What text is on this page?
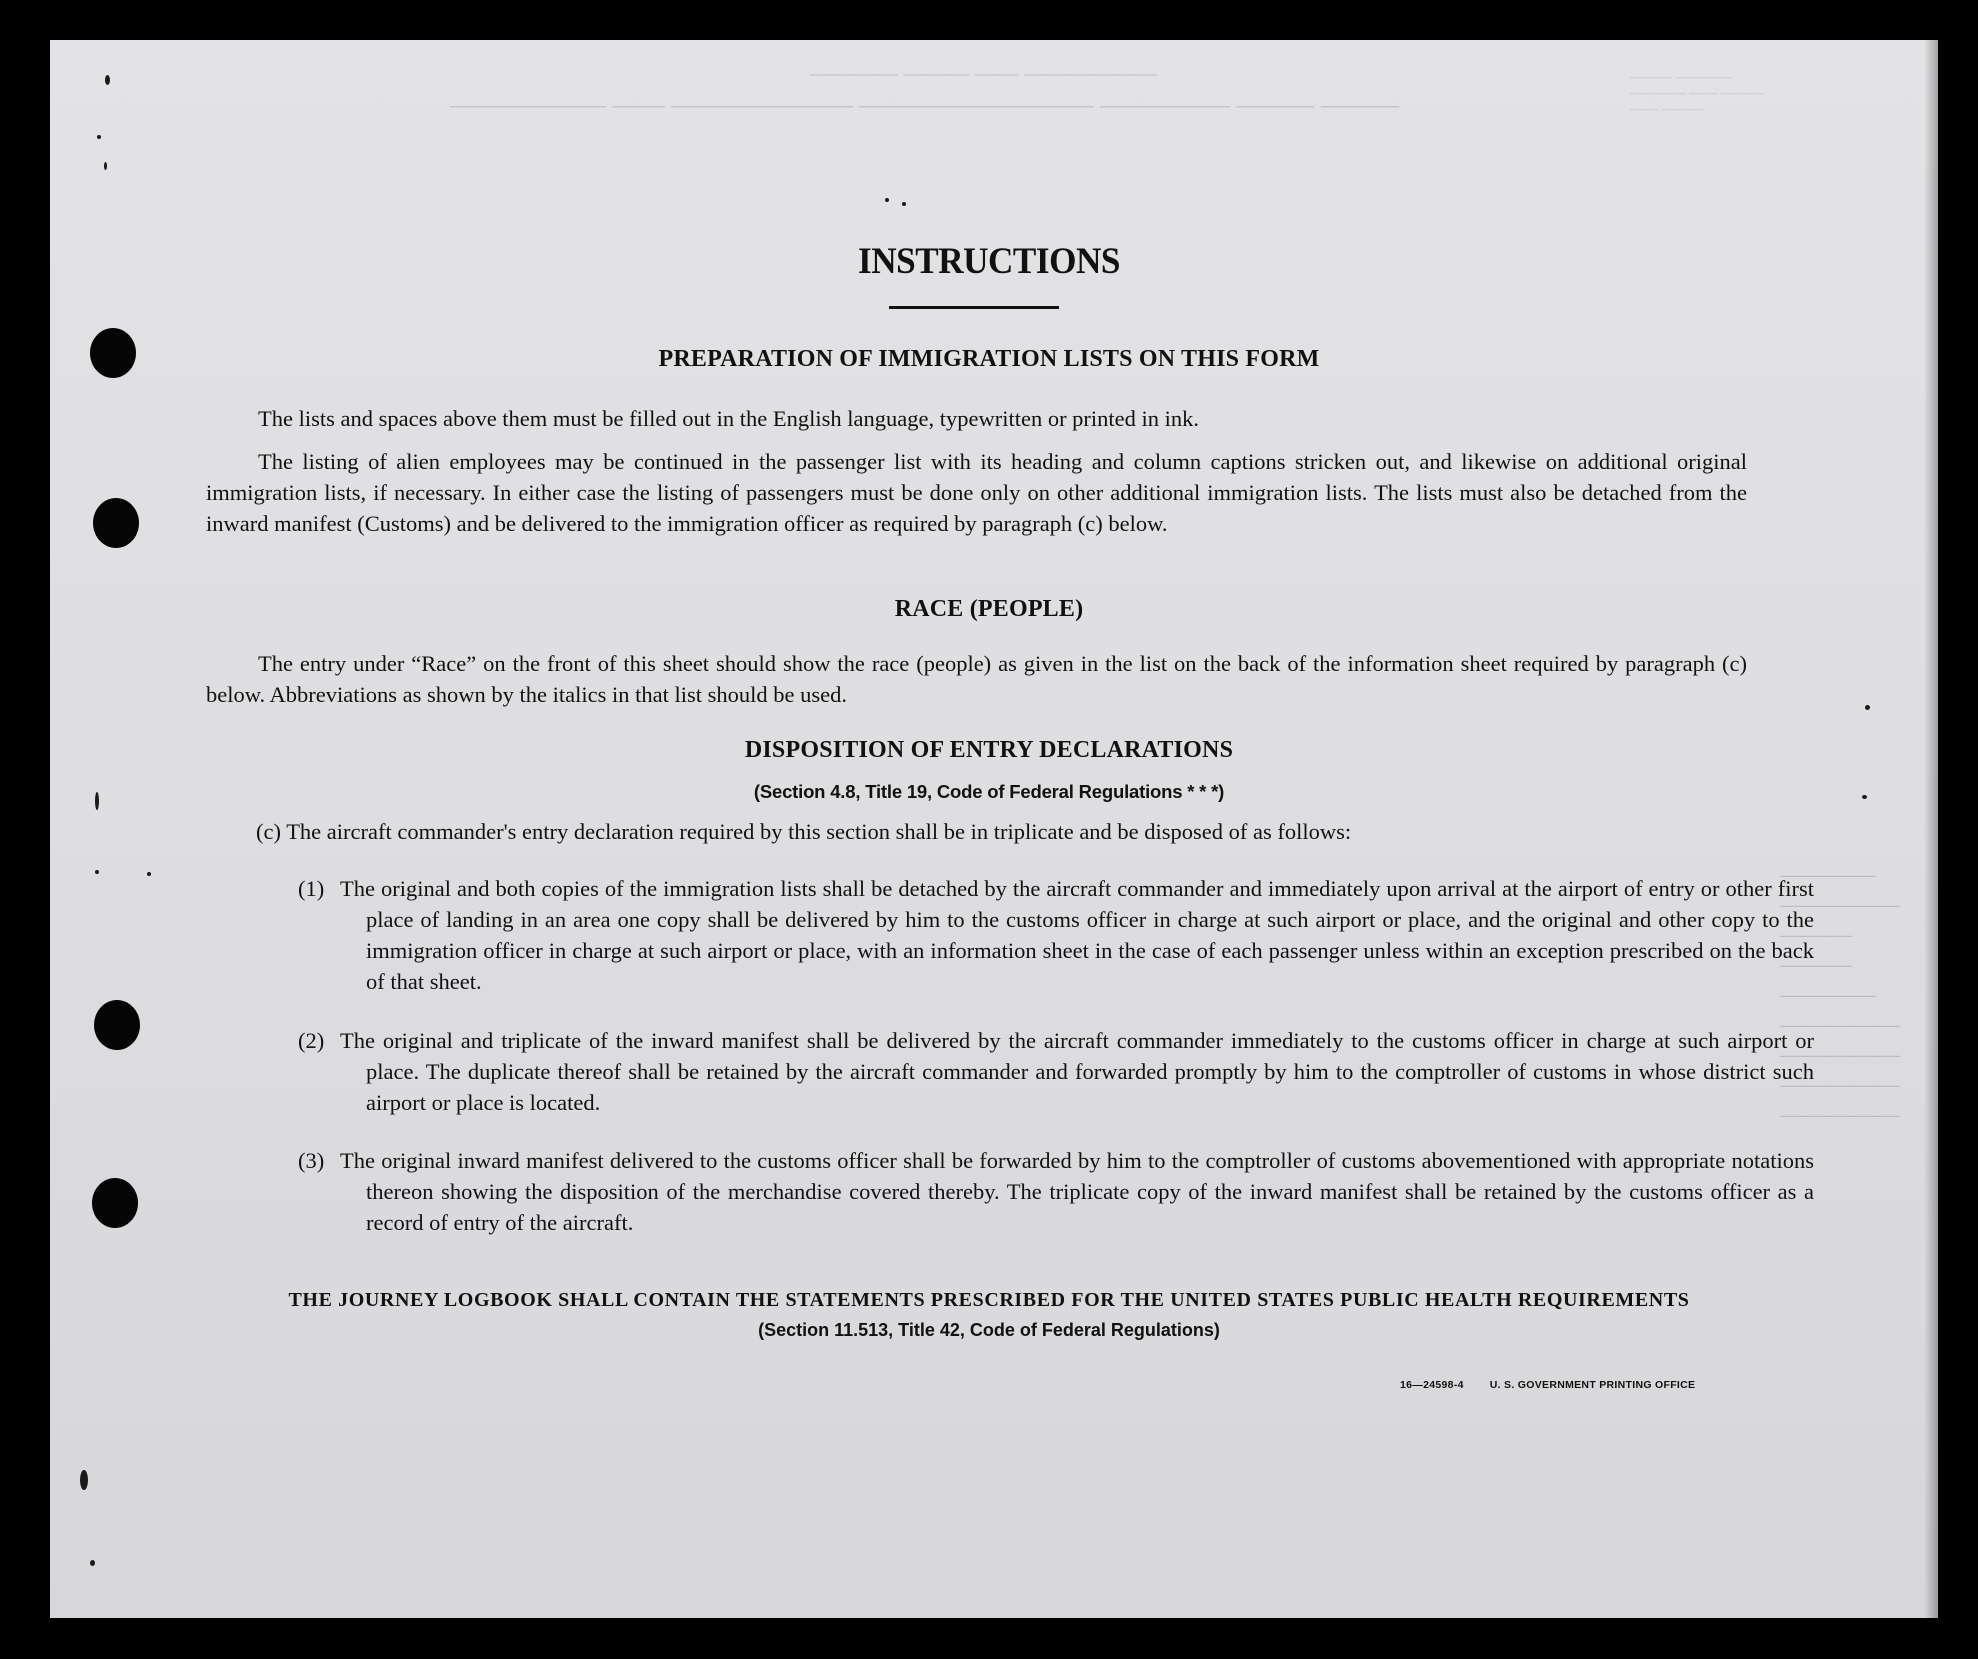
———— ——— —— ——————
—————— —— ——————— ————————— ————— ——— ———
——— ————
———— —— ———
—— ———
————
—————
———
———
————
—————
—————
—————
—————
INSTRUCTIONS
PREPARATION OF IMMIGRATION LISTS ON THIS FORM

The lists and spaces above them must be filled out in the English language, typewritten or printed in ink.

The listing of alien employees may be continued in the passenger list with its heading and column captions stricken out, and likewise on additional original immigration lists, if necessary. In either case the listing of passengers must be done only on other additional immigration lists. The lists must also be detached from the inward manifest (Customs) and be delivered to the immigration officer as required by paragraph (c) below.

RACE (PEOPLE)

The entry under “Race” on the front of this sheet should show the race (people) as given in the list on the back of the information sheet required by paragraph (c) below. Abbreviations as shown by the italics in that list should be used.

DISPOSITION OF ENTRY DECLARATIONS
(Section 4.8, Title 19, Code of Federal Regulations * * *)

(c) The aircraft commander's entry declaration required by this section shall be in triplicate and be disposed of as follows:

(1) The original and both copies of the immigration lists shall be detached by the aircraft commander and immediately upon arrival at the airport of entry or other first place of landing in an area one copy shall be delivered by him to the customs officer in charge at such airport or place, and the original and other copy to the immigration officer in charge at such airport or place, with an information sheet in the case of each passenger unless within an exception prescribed on the back of that sheet.

(2) The original and triplicate of the inward manifest shall be delivered by the aircraft commander immediately to the customs officer in charge at such airport or place. The duplicate thereof shall be retained by the aircraft commander and forwarded promptly by him to the comptroller of customs in whose district such airport or place is located.

(3) The original inward manifest delivered to the customs officer shall be forwarded by him to the comptroller of customs abovementioned with appropriate notations thereon showing the disposition of the merchandise covered thereby. The triplicate copy of the inward manifest shall be retained by the customs officer as a record of entry of the aircraft.

THE JOURNEY LOGBOOK SHALL CONTAIN THE STATEMENTS PRESCRIBED FOR THE UNITED STATES PUBLIC HEALTH REQUIREMENTS
(Section 11.513, Title 42, Code of Federal Regulations)
16—24598-4 U. S. GOVERNMENT PRINTING OFFICE
